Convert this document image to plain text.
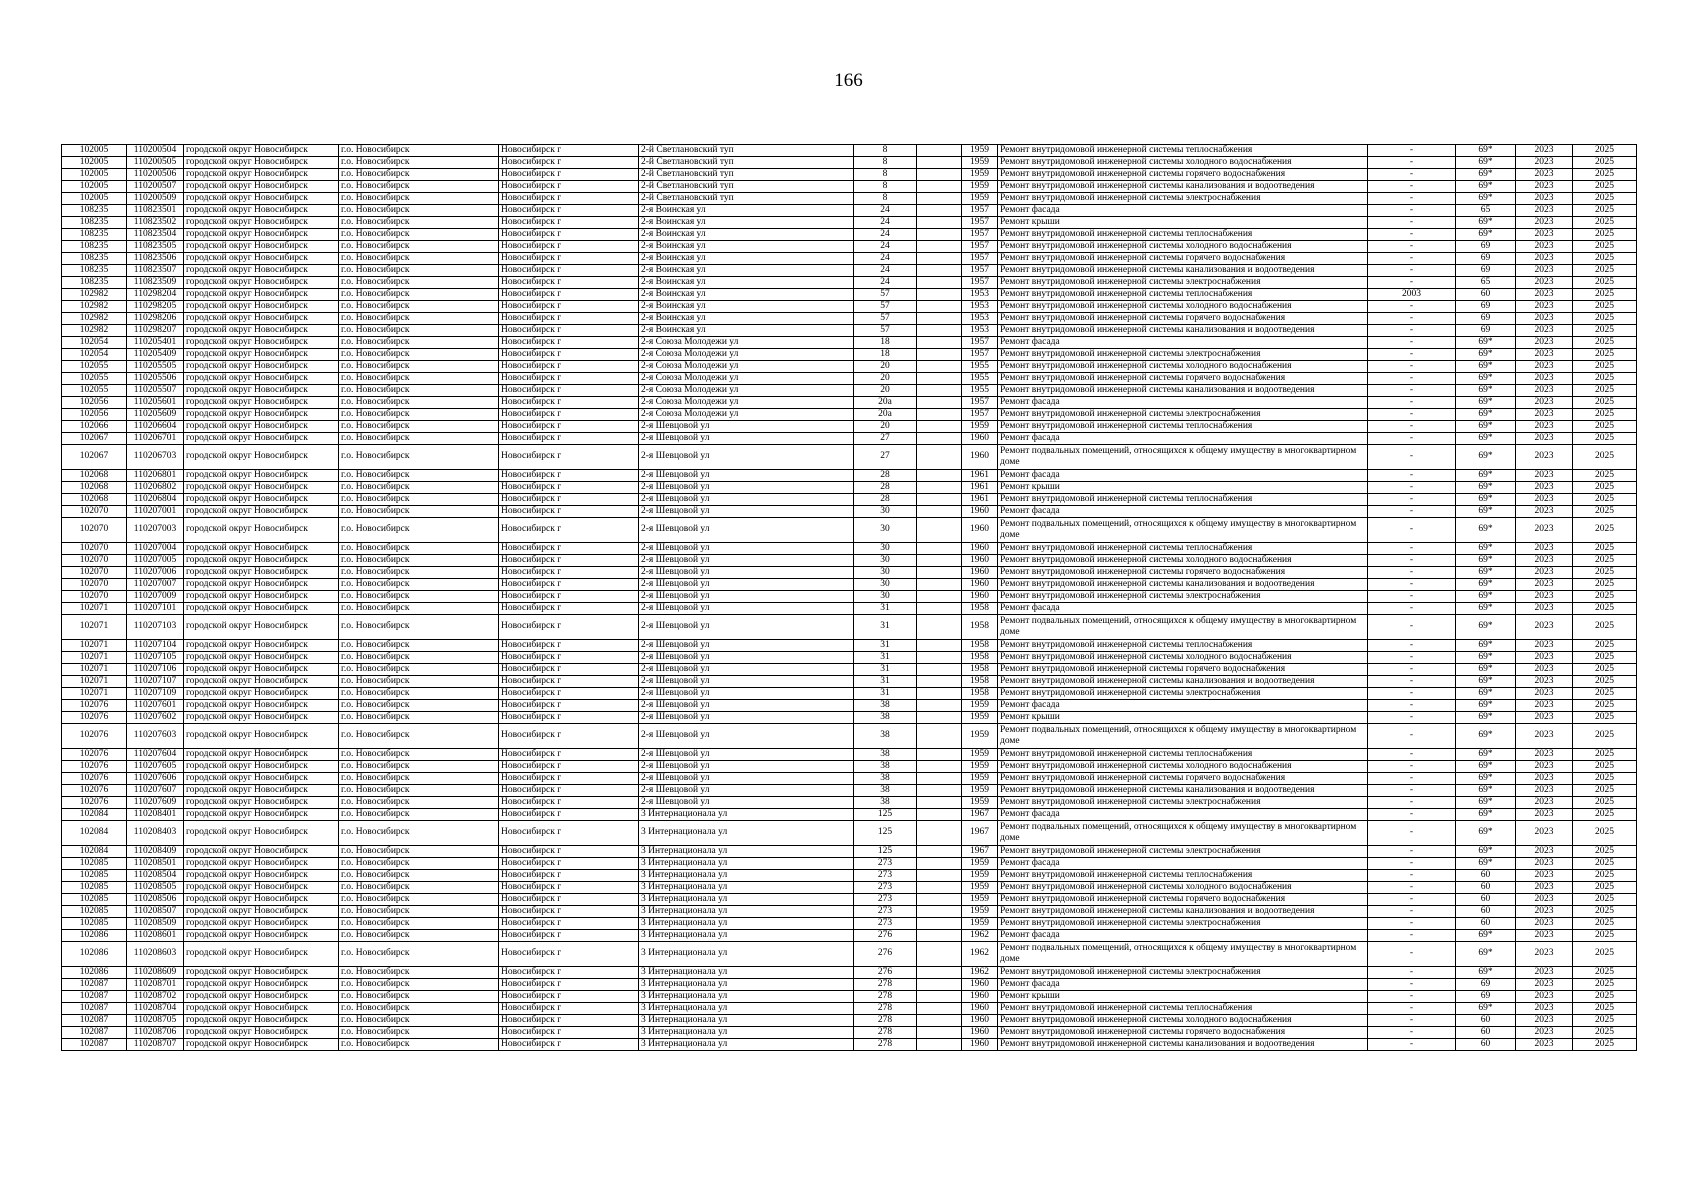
166
102005	110200504	городской округ Новосибирск	г.о. Новосибирск	Новосибирск г	2-й Светлановский туп	8		1959	Ремонт внутридомовой инженерной системы теплоснабжения	-	69*	2023	2025
102005	110200505	городской округ Новосибирск	г.о. Новосибирск	Новосибирск г	2-й Светлановский туп	8		1959	Ремонт внутридомовой инженерной системы холодного водоснабжения	-	69*	2023	2025
102005	110200506	городской округ Новосибирск	г.о. Новосибирск	Новосибирск г	2-й Светлановский туп	8		1959	Ремонт внутридомовой инженерной системы горячего водоснабжения	-	69*	2023	2025
102005	110200507	городской округ Новосибирск	г.о. Новосибирск	Новосибирск г	2-й Светлановский туп	8		1959	Ремонт внутридомовой инженерной системы канализования и водоотведения	-	69*	2023	2025
102005	110200509	городской округ Новосибирск	г.о. Новосибирск	Новосибирск г	2-й Светлановский туп	8		1959	Ремонт внутридомовой инженерной системы электроснабжения	-	69*	2023	2025
108235	110823501	городской округ Новосибирск	г.о. Новосибирск	Новосибирск г	2-я Воинская ул	24		1957	Ремонт фасада	-	65	2023	2025
108235	110823502	городской округ Новосибирск	г.о. Новосибирск	Новосибирск г	2-я Воинская ул	24		1957	Ремонт крыши	-	69*	2023	2025
108235	110823504	городской округ Новосибирск	г.о. Новосибирск	Новосибирск г	2-я Воинская ул	24		1957	Ремонт внутридомовой инженерной системы теплоснабжения	-	69*	2023	2025
108235	110823505	городской округ Новосибирск	г.о. Новосибирск	Новосибирск г	2-я Воинская ул	24		1957	Ремонт внутридомовой инженерной системы холодного водоснабжения	-	69	2023	2025
108235	110823506	городской округ Новосибирск	г.о. Новосибирск	Новосибирск г	2-я Воинская ул	24		1957	Ремонт внутридомовой инженерной системы горячего водоснабжения	-	69	2023	2025
108235	110823507	городской округ Новосибирск	г.о. Новосибирск	Новосибирск г	2-я Воинская ул	24		1957	Ремонт внутридомовой инженерной системы канализования и водоотведения	-	69	2023	2025
108235	110823509	городской округ Новосибирск	г.о. Новосибирск	Новосибирск г	2-я Воинская ул	24		1957	Ремонт внутридомовой инженерной системы электроснабжения	-	65	2023	2025
102982	110298204	городской округ Новосибирск	г.о. Новосибирск	Новосибирск г	2-я Воинская ул	57		1953	Ремонт внутридомовой инженерной системы теплоснабжения	2003	60	2023	2025
102982	110298205	городской округ Новосибирск	г.о. Новосибирск	Новосибирск г	2-я Воинская ул	57		1953	Ремонт внутридомовой инженерной системы холодного водоснабжения	-	69	2023	2025
102982	110298206	городской округ Новосибирск	г.о. Новосибирск	Новосибирск г	2-я Воинская ул	57		1953	Ремонт внутридомовой инженерной системы горячего водоснабжения	-	69	2023	2025
102982	110298207	городской округ Новосибирск	г.о. Новосибирск	Новосибирск г	2-я Воинская ул	57		1953	Ремонт внутридомовой инженерной системы канализования и водоотведения	-	69	2023	2025
102054	110205401	городской округ Новосибирск	г.о. Новосибирск	Новосибирск г	2-я Союза Молодежи ул	18		1957	Ремонт фасада	-	69*	2023	2025
102054	110205409	городской округ Новосибирск	г.о. Новосибирск	Новосибирск г	2-я Союза Молодежи ул	18		1957	Ремонт внутридомовой инженерной системы электроснабжения	-	69*	2023	2025
102055	110205505	городской округ Новосибирск	г.о. Новосибирск	Новосибирск г	2-я Союза Молодежи ул	20		1955	Ремонт внутридомовой инженерной системы холодного водоснабжения	-	69*	2023	2025
102055	110205506	городской округ Новосибирск	г.о. Новосибирск	Новосибирск г	2-я Союза Молодежи ул	20		1955	Ремонт внутридомовой инженерной системы горячего водоснабжения	-	69*	2023	2025
102055	110205507	городской округ Новосибирск	г.о. Новосибирск	Новосибирск г	2-я Союза Молодежи ул	20		1955	Ремонт внутридомовой инженерной системы канализования и водоотведения	-	69*	2023	2025
102056	110205601	городской округ Новосибирск	г.о. Новосибирск	Новосибирск г	2-я Союза Молодежи ул	20а		1957	Ремонт фасада	-	69*	2023	2025
102056	110205609	городской округ Новосибирск	г.о. Новосибирск	Новосибирск г	2-я Союза Молодежи ул	20а		1957	Ремонт внутридомовой инженерной системы электроснабжения	-	69*	2023	2025
102066	110206604	городской округ Новосибирск	г.о. Новосибирск	Новосибирск г	2-я Шевцовой ул	20		1959	Ремонт внутридомовой инженерной системы теплоснабжения	-	69*	2023	2025
102067	110206701	городской округ Новосибирск	г.о. Новосибирск	Новосибирск г	2-я Шевцовой ул	27		1960	Ремонт фасада	-	69*	2023	2025
102067	110206703	городской округ Новосибирск	г.о. Новосибирск	Новосибирск г	2-я Шевцовой ул	27		1960	Ремонт подвальных помещений, относящихся к общему имуществу в многоквартирном доме	-	69*	2023	2025
102068	110206801	городской округ Новосибирск	г.о. Новосибирск	Новосибирск г	2-я Шевцовой ул	28		1961	Ремонт фасада	-	69*	2023	2025
102068	110206802	городской округ Новосибирск	г.о. Новосибирск	Новосибирск г	2-я Шевцовой ул	28		1961	Ремонт крыши	-	69*	2023	2025
102068	110206804	городской округ Новосибирск	г.о. Новосибирск	Новосибирск г	2-я Шевцовой ул	28		1961	Ремонт внутридомовой инженерной системы теплоснабжения	-	69*	2023	2025
102070	110207001	городской округ Новосибирск	г.о. Новосибирск	Новосибирск г	2-я Шевцовой ул	30		1960	Ремонт фасада	-	69*	2023	2025
102070	110207003	городской округ Новосибирск	г.о. Новосибирск	Новосибирск г	2-я Шевцовой ул	30		1960	Ремонт подвальных помещений, относящихся к общему имуществу в многоквартирном доме	-	69*	2023	2025
102070	110207004	городской округ Новосибирск	г.о. Новосибирск	Новосибирск г	2-я Шевцовой ул	30		1960	Ремонт внутридомовой инженерной системы теплоснабжения	-	69*	2023	2025
102070	110207005	городской округ Новосибирск	г.о. Новосибирск	Новосибирск г	2-я Шевцовой ул	30		1960	Ремонт внутридомовой инженерной системы холодного водоснабжения	-	69*	2023	2025
102070	110207006	городской округ Новосибирск	г.о. Новосибирск	Новосибирск г	2-я Шевцовой ул	30		1960	Ремонт внутридомовой инженерной системы горячего водоснабжения	-	69*	2023	2025
102070	110207007	городской округ Новосибирск	г.о. Новосибирск	Новосибирск г	2-я Шевцовой ул	30		1960	Ремонт внутридомовой инженерной системы канализования и водоотведения	-	69*	2023	2025
102070	110207009	городской округ Новосибирск	г.о. Новосибирск	Новосибирск г	2-я Шевцовой ул	30		1960	Ремонт внутридомовой инженерной системы электроснабжения	-	69*	2023	2025
102071	110207101	городской округ Новосибирск	г.о. Новосибирск	Новосибирск г	2-я Шевцовой ул	31		1958	Ремонт фасада	-	69*	2023	2025
102071	110207103	городской округ Новосибирск	г.о. Новосибирск	Новосибирск г	2-я Шевцовой ул	31		1958	Ремонт подвальных помещений, относящихся к общему имуществу в многоквартирном доме	-	69*	2023	2025
102071	110207104	городской округ Новосибирск	г.о. Новосибирск	Новосибирск г	2-я Шевцовой ул	31		1958	Ремонт внутридомовой инженерной системы теплоснабжения	-	69*	2023	2025
102071	110207105	городской округ Новосибирск	г.о. Новосибирск	Новосибирск г	2-я Шевцовой ул	31		1958	Ремонт внутридомовой инженерной системы холодного водоснабжения	-	69*	2023	2025
102071	110207106	городской округ Новосибирск	г.о. Новосибирск	Новосибирск г	2-я Шевцовой ул	31		1958	Ремонт внутридомовой инженерной системы горячего водоснабжения	-	69*	2023	2025
102071	110207107	городской округ Новосибирск	г.о. Новосибирск	Новосибирск г	2-я Шевцовой ул	31		1958	Ремонт внутридомовой инженерной системы канализования и водоотведения	-	69*	2023	2025
102071	110207109	городской округ Новосибирск	г.о. Новосибирск	Новосибирск г	2-я Шевцовой ул	31		1958	Ремонт внутридомовой инженерной системы электроснабжения	-	69*	2023	2025
102076	110207601	городской округ Новосибирск	г.о. Новосибирск	Новосибирск г	2-я Шевцовой ул	38		1959	Ремонт фасада	-	69*	2023	2025
102076	110207602	городской округ Новосибирск	г.о. Новосибирск	Новосибирск г	2-я Шевцовой ул	38		1959	Ремонт крыши	-	69*	2023	2025
102076	110207603	городской округ Новосибирск	г.о. Новосибирск	Новосибирск г	2-я Шевцовой ул	38		1959	Ремонт подвальных помещений, относящихся к общему имуществу в многоквартирном доме	-	69*	2023	2025
102076	110207604	городской округ Новосибирск	г.о. Новосибирск	Новосибирск г	2-я Шевцовой ул	38		1959	Ремонт внутридомовой инженерной системы теплоснабжения	-	69*	2023	2025
102076	110207605	городской округ Новосибирск	г.о. Новосибирск	Новосибирск г	2-я Шевцовой ул	38		1959	Ремонт внутридомовой инженерной системы холодного водоснабжения	-	69*	2023	2025
102076	110207606	городской округ Новосибирск	г.о. Новосибирск	Новосибирск г	2-я Шевцовой ул	38		1959	Ремонт внутридомовой инженерной системы горячего водоснабжения	-	69*	2023	2025
102076	110207607	городской округ Новосибирск	г.о. Новосибирск	Новосибирск г	2-я Шевцовой ул	38		1959	Ремонт внутридомовой инженерной системы канализования и водоотведения	-	69*	2023	2025
102076	110207609	городской округ Новосибирск	г.о. Новосибирск	Новосибирск г	2-я Шевцовой ул	38		1959	Ремонт внутридомовой инженерной системы электроснабжения	-	69*	2023	2025
102084	110208401	городской округ Новосибирск	г.о. Новосибирск	Новосибирск г	3 Интернационала ул	125		1967	Ремонт фасада	-	69*	2023	2025
102084	110208403	городской округ Новосибирск	г.о. Новосибирск	Новосибирск г	3 Интернационала ул	125		1967	Ремонт подвальных помещений, относящихся к общему имуществу в многоквартирном доме	-	69*	2023	2025
102084	110208409	городской округ Новосибирск	г.о. Новосибирск	Новосибирск г	3 Интернационала ул	125		1967	Ремонт внутридомовой инженерной системы электроснабжения	-	69*	2023	2025
102085	110208501	городской округ Новосибирск	г.о. Новосибирск	Новосибирск г	3 Интернационала ул	273		1959	Ремонт фасада	-	69*	2023	2025
102085	110208504	городской округ Новосибирск	г.о. Новосибирск	Новосибирск г	3 Интернационала ул	273		1959	Ремонт внутридомовой инженерной системы теплоснабжения	-	60	2023	2025
102085	110208505	городской округ Новосибирск	г.о. Новосибирск	Новосибирск г	3 Интернационала ул	273		1959	Ремонт внутридомовой инженерной системы холодного водоснабжения	-	60	2023	2025
102085	110208506	городской округ Новосибирск	г.о. Новосибирск	Новосибирск г	3 Интернационала ул	273		1959	Ремонт внутридомовой инженерной системы горячего водоснабжения	-	60	2023	2025
102085	110208507	городской округ Новосибирск	г.о. Новосибирск	Новосибирск г	3 Интернационала ул	273		1959	Ремонт внутридомовой инженерной системы канализования и водоотведения	-	60	2023	2025
102085	110208509	городской округ Новосибирск	г.о. Новосибирск	Новосибирск г	3 Интернационала ул	273		1959	Ремонт внутридомовой инженерной системы электроснабжения	-	60	2023	2025
102086	110208601	городской округ Новосибирск	г.о. Новосибирск	Новосибирск г	3 Интернационала ул	276		1962	Ремонт фасада	-	69*	2023	2025
102086	110208603	городской округ Новосибирск	г.о. Новосибирск	Новосибирск г	3 Интернационала ул	276		1962	Ремонт подвальных помещений, относящихся к общему имуществу в многоквартирном доме	-	69*	2023	2025
102086	110208609	городской округ Новосибирск	г.о. Новосибирск	Новосибирск г	3 Интернационала ул	276		1962	Ремонт внутридомовой инженерной системы электроснабжения	-	69*	2023	2025
102087	110208701	городской округ Новосибирск	г.о. Новосибирск	Новосибирск г	3 Интернационала ул	278		1960	Ремонт фасада	-	69	2023	2025
102087	110208702	городской округ Новосибирск	г.о. Новосибирск	Новосибирск г	3 Интернационала ул	278		1960	Ремонт крыши	-	69	2023	2025
102087	110208704	городской округ Новосибирск	г.о. Новосибирск	Новосибирск г	3 Интернационала ул	278		1960	Ремонт внутридомовой инженерной системы теплоснабжения	-	69*	2023	2025
102087	110208705	городской округ Новосибирск	г.о. Новосибирск	Новосибирск г	3 Интернационала ул	278		1960	Ремонт внутридомовой инженерной системы холодного водоснабжения	-	60	2023	2025
102087	110208706	городской округ Новосибирск	г.о. Новосибирск	Новосибирск г	3 Интернационала ул	278		1960	Ремонт внутридомовой инженерной системы горячего водоснабжения	-	60	2023	2025
102087	110208707	городской округ Новосибирск	г.о. Новосибирск	Новосибирск г	3 Интернационала ул	278		1960	Ремонт внутридомовой инженерной системы канализования и водоотведения	-	60	2023	2025
